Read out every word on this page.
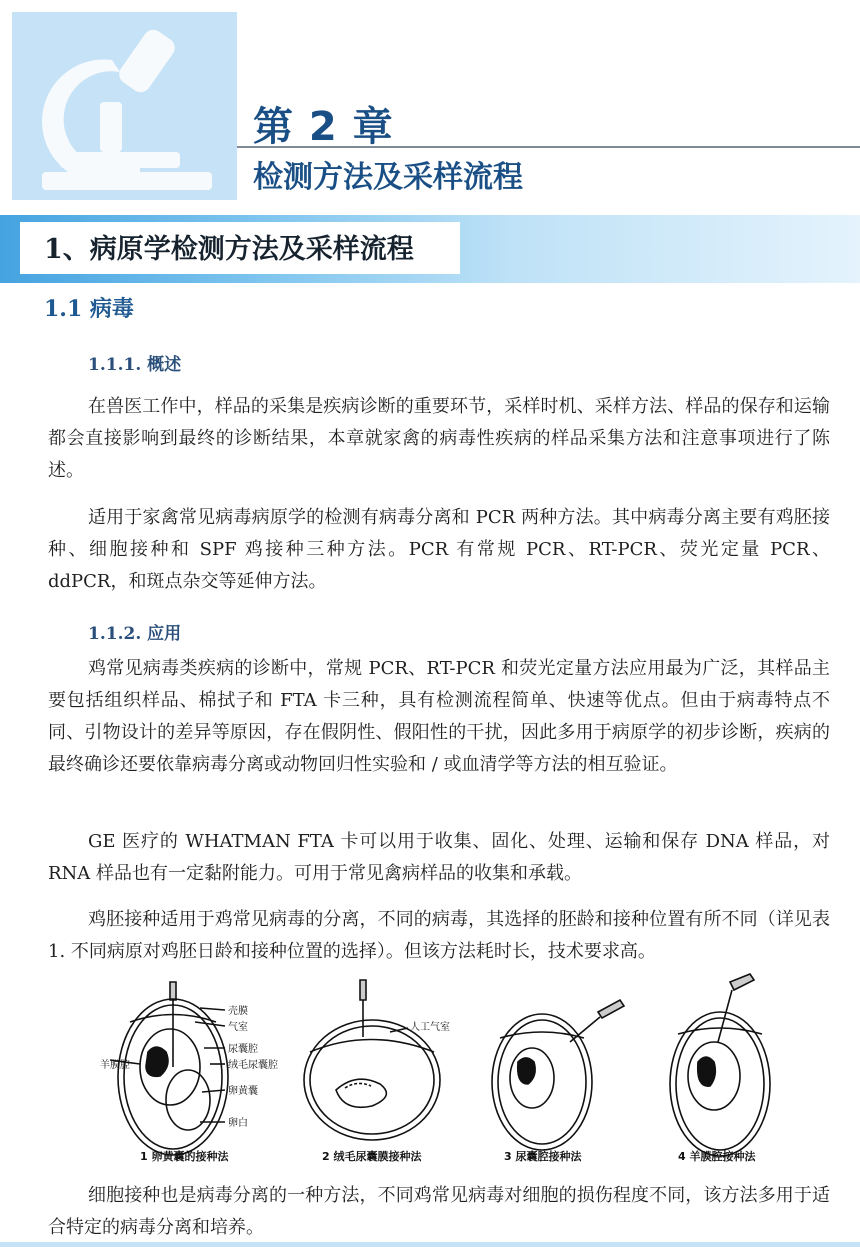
第 2 章
检测方法及采样流程
1、病原学检测方法及采样流程
1.1 病毒
1.1.1. 概述

在兽医工作中，样品的采集是疾病诊断的重要环节，采样时机、采样方法、样品的保存和运输都会直接影响到最终的诊断结果，本章就家禽的病毒性疾病的样品采集方法和注意事项进行了陈述。

适用于家禽常见病毒病原学的检测有病毒分离和 PCR 两种方法。其中病毒分离主要有鸡胚接种、细胞接种和 SPF 鸡接种三种方法。PCR 有常规 PCR、RT-PCR、荧光定量 PCR、ddPCR，和斑点杂交等延伸方法。

1.1.2. 应用

鸡常见病毒类疾病的诊断中，常规 PCR、RT-PCR 和荧光定量方法应用最为广泛，其样品主要包括组织样品、棉拭子和 FTA 卡三种，具有检测流程简单、快速等优点。但由于病毒特点不同、引物设计的差异等原因，存在假阴性、假阳性的干扰，因此多用于病原学的初步诊断，疾病的最终确诊还要依靠病毒分离或动物回归性实验和 / 或血清学等方法的相互验证。

GE 医疗的 WHATMAN FTA 卡可以用于收集、固化、处理、运输和保存 DNA 样品，对 RNA 样品也有一定黏附能力。可用于常见禽病样品的收集和承载。

鸡胚接种适用于鸡常见病毒的分离，不同的病毒，其选择的胚龄和接种位置有所不同（详见表 1. 不同病原对鸡胚日龄和接种位置的选择）。但该方法耗时长，技术要求高。

壳膜
气室
尿囊腔
绒毛尿囊腔
卵黄囊
卵白
羊膜腔
人工气室
1 卵黄囊的接种法	2 绒毛尿囊膜接种法	3 尿囊腔接种法	4 羊膜腔接种法

细胞接种也是病毒分离的一种方法，不同鸡常见病毒对细胞的损伤程度不同，该方法多用于适合特定的病毒分离和培养。
